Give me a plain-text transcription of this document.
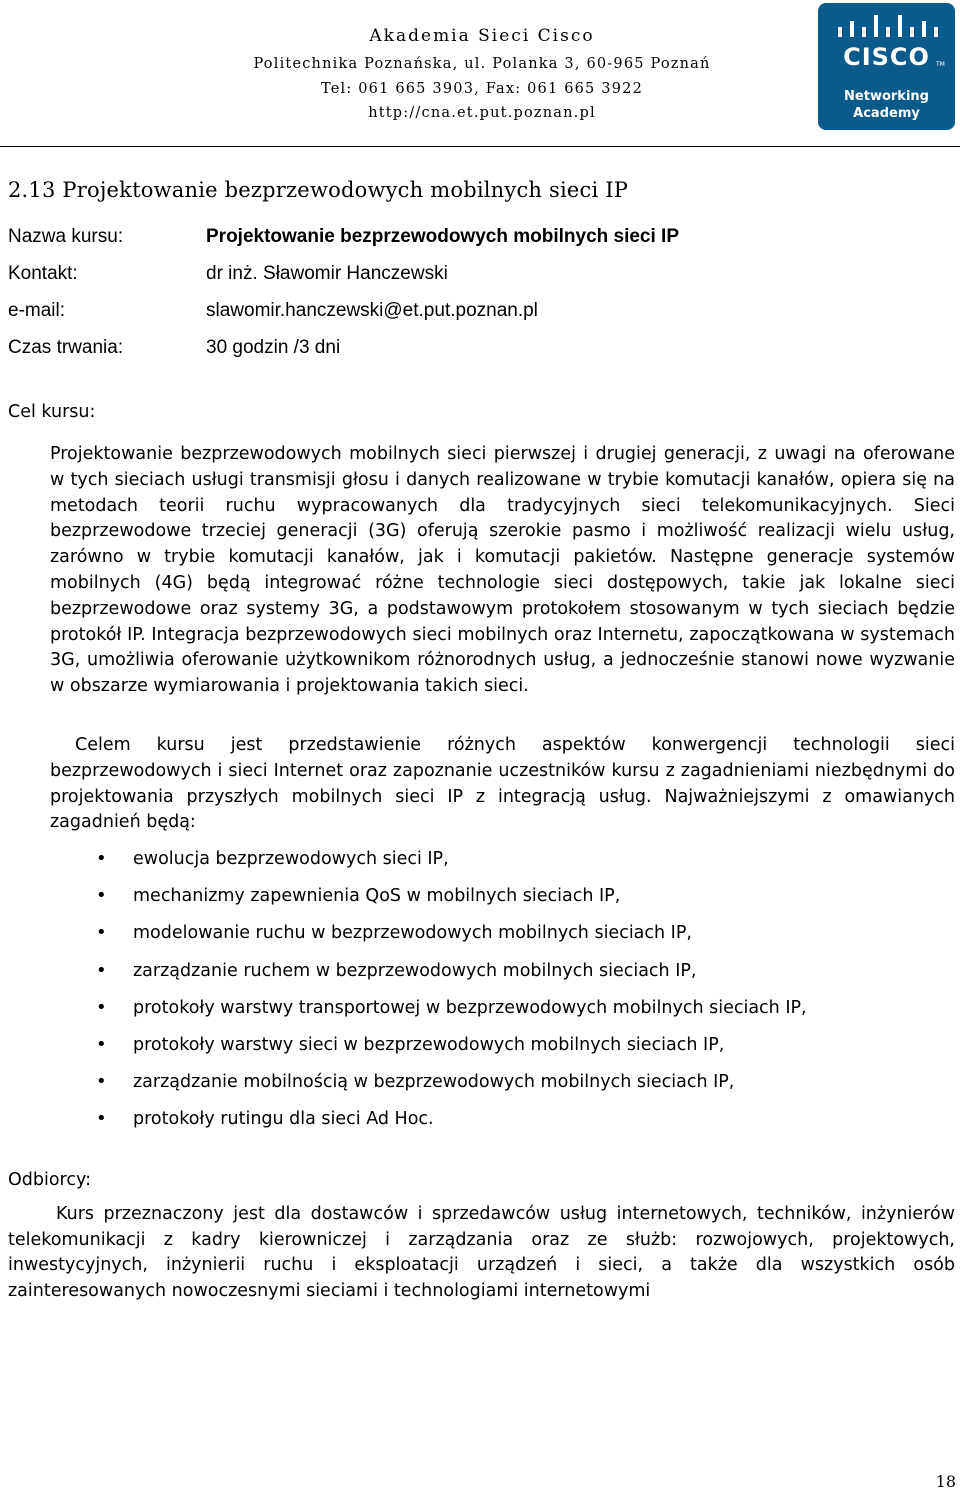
Akademia Sieci Cisco
Politechnika Poznańska, ul. Polanka 3, 60-965 Poznań
Tel: 061 665 3903, Fax: 061 665 3922
http://cna.et.put.poznan.pl
CISCO	TM
Networking
Academy
2.13 Projektowanie bezprzewodowych mobilnych sieci IP
Nazwa kursu:	Projektowanie bezprzewodowych mobilnych sieci IP
Kontakt:	dr inż. Sławomir Hanczewski
e-mail:	slawomir.hanczewski@et.put.poznan.pl
Czas trwania:	30 godzin /3 dni
Cel kursu:

Projektowanie bezprzewodowych mobilnych sieci pierwszej i drugiej generacji, z uwagi na oferowane w tych sieciach usługi transmisji głosu i danych realizowane w trybie komutacji kanałów, opiera się na metodach teorii ruchu wypracowanych dla tradycyjnych sieci telekomunikacyjnych. Sieci bezprzewodowe trzeciej generacji (3G) oferują szerokie pasmo i możliwość realizacji wielu usług, zarówno w trybie komutacji kanałów, jak i komutacji pakietów. Następne generacje systemów mobilnych (4G) będą integrować różne technologie sieci dostępowych, takie jak lokalne sieci bezprzewodowe oraz systemy 3G, a podstawowym protokołem stosowanym w tych sieciach będzie protokół IP. Integracja bezprzewodowych sieci mobilnych oraz Internetu, zapoczątkowana w systemach 3G, umożliwia oferowanie użytkownikom różnorodnych usług, a jednocześnie stanowi nowe wyzwanie w obszarze wymiarowania i projektowania takich sieci.

Celem kursu jest przedstawienie różnych aspektów konwergencji technologii sieci bezprzewodowych i sieci Internet oraz zapoznanie uczestników kursu z zagadnieniami niezbędnymi do projektowania przyszłych mobilnych sieci IP z integracją usług. Najważniejszymi z omawianych zagadnień będą:

• ewolucja bezprzewodowych sieci IP,
• mechanizmy zapewnienia QoS w mobilnych sieciach IP,
• modelowanie ruchu w bezprzewodowych mobilnych sieciach IP,
• zarządzanie ruchem w bezprzewodowych mobilnych sieciach IP,
• protokoły warstwy transportowej w bezprzewodowych mobilnych sieciach IP,
• protokoły warstwy sieci w bezprzewodowych mobilnych sieciach IP,
• zarządzanie mobilnością w bezprzewodowych mobilnych sieciach IP,
• protokoły rutingu dla sieci Ad Hoc.
Odbiorcy:

Kurs przeznaczony jest dla dostawców i sprzedawców usług internetowych, techników, inżynierów telekomunikacji z kadry kierowniczej i zarządzania oraz ze służb: rozwojowych, projektowych, inwestycyjnych, inżynierii ruchu i eksploatacji urządzeń i sieci, a także dla wszystkich osób zainteresowanych nowoczesnymi sieciami i technologiami internetowymi

18
